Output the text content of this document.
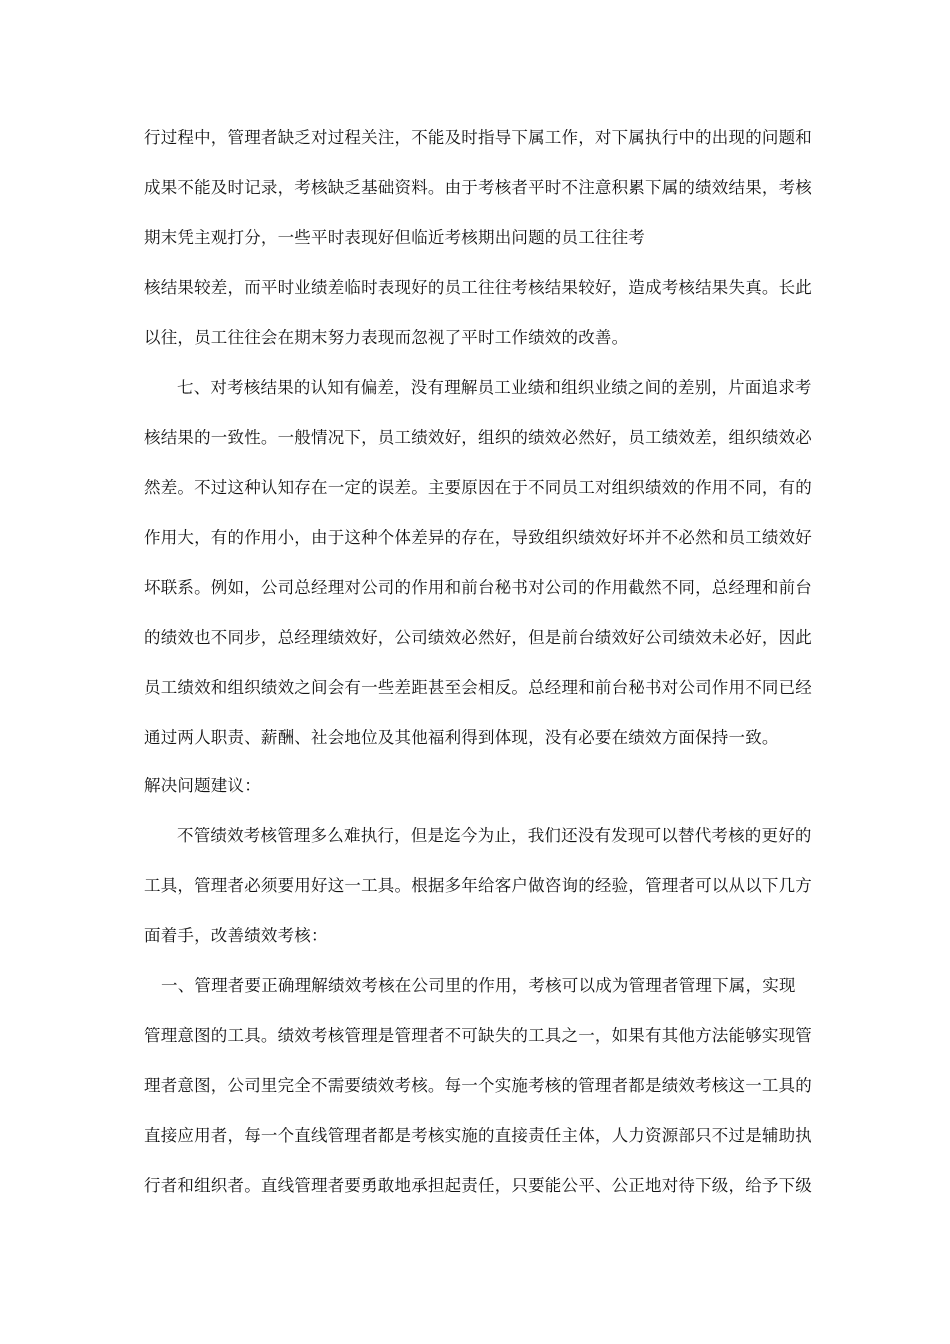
行过程中，管理者缺乏对过程关注，不能及时指导下属工作，对下属执行中的出现的问题和
成果不能及时记录，考核缺乏基础资料。由于考核者平时不注意积累下属的绩效结果，考核
期末凭主观打分，一些平时表现好但临近考核期出问题的员工往往考
核结果较差，而平时业绩差临时表现好的员工往往考核结果较好，造成考核结果失真。长此
以往，员工往往会在期末努力表现而忽视了平时工作绩效的改善。
七、对考核结果的认知有偏差，没有理解员工业绩和组织业绩之间的差别，片面追求考
核结果的一致性。一般情况下，员工绩效好，组织的绩效必然好，员工绩效差，组织绩效必
然差。不过这种认知存在一定的误差。主要原因在于不同员工对组织绩效的作用不同，有的
作用大，有的作用小，由于这种个体差异的存在，导致组织绩效好坏并不必然和员工绩效好
坏联系。例如，公司总经理对公司的作用和前台秘书对公司的作用截然不同，总经理和前台
的绩效也不同步，总经理绩效好，公司绩效必然好，但是前台绩效好公司绩效未必好，因此
员工绩效和组织绩效之间会有一些差距甚至会相反。总经理和前台秘书对公司作用不同已经
通过两人职责、薪酬、社会地位及其他福利得到体现，没有必要在绩效方面保持一致。
解决问题建议：
不管绩效考核管理多么难执行，但是迄今为止，我们还没有发现可以替代考核的更好的
工具，管理者必须要用好这一工具。根据多年给客户做咨询的经验，管理者可以从以下几方
面着手，改善绩效考核：
一、管理者要正确理解绩效考核在公司里的作用，考核可以成为管理者管理下属，实现
管理意图的工具。绩效考核管理是管理者不可缺失的工具之一，如果有其他方法能够实现管
理者意图，公司里完全不需要绩效考核。每一个实施考核的管理者都是绩效考核这一工具的
直接应用者，每一个直线管理者都是考核实施的直接责任主体，人力资源部只不过是辅助执
行者和组织者。直线管理者要勇敢地承担起责任，只要能公平、公正地对待下级，给予下级
